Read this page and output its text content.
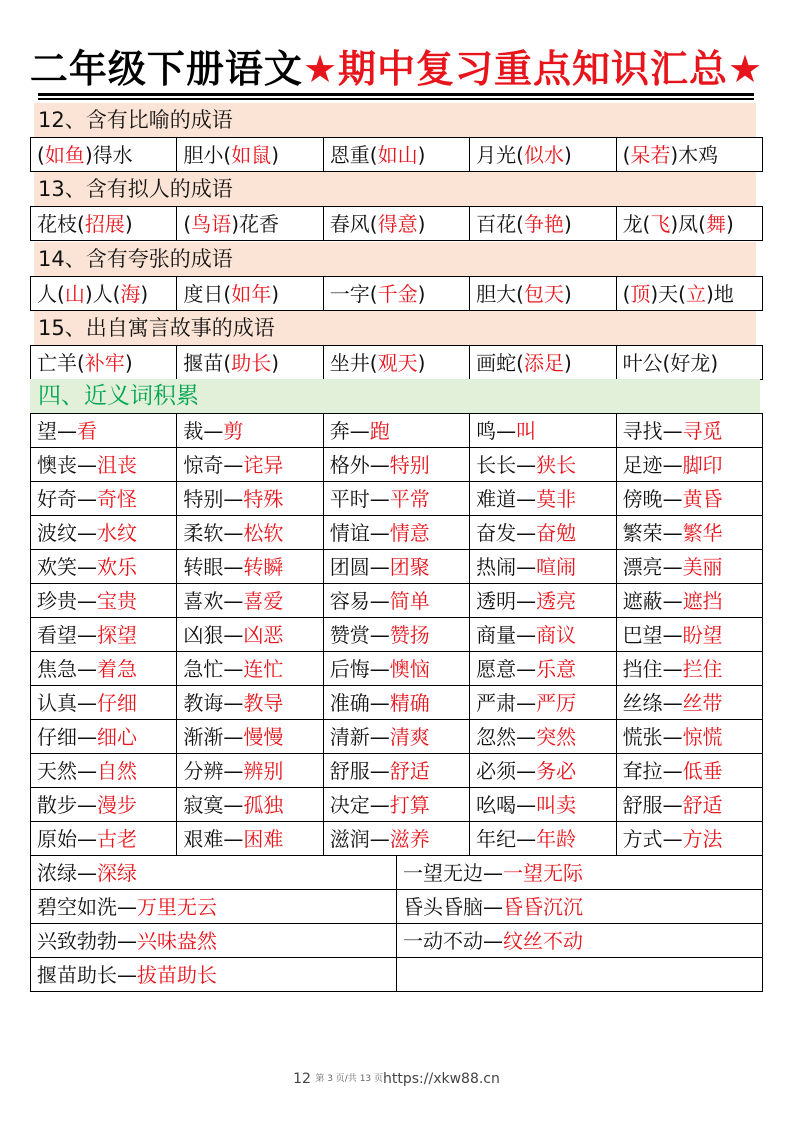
二年级下册语文★期中复习重点知识汇总★
12、含有比喻的成语
(如鱼)得水	胆小(如鼠)	恩重(如山)	月光(似水)	(呆若)木鸡
13、含有拟人的成语
花枝(招展)	(鸟语)花香	春风(得意)	百花(争艳)	龙(飞)凤(舞)
14、含有夸张的成语
人(山)人(海)	度日(如年)	一字(千金)	胆大(包天)	(顶)天(立)地
15、出自寓言故事的成语
亡羊(补牢)	揠苗(助长)	坐井(观天)	画蛇(添足)	叶公(好龙)
四、近义词积累
望—看	裁—剪	奔—跑	鸣—叫	寻找—寻觅
懊丧—沮丧	惊奇—诧异	格外—特别	长长—狭长	足迹—脚印
好奇—奇怪	特别—特殊	平时—平常	难道—莫非	傍晚—黄昏
波纹—水纹	柔软—松软	情谊—情意	奋发—奋勉	繁荣—繁华
欢笑—欢乐	转眼—转瞬	团圆—团聚	热闹—喧闹	漂亮—美丽
珍贵—宝贵	喜欢—喜爱	容易—简单	透明—透亮	遮蔽—遮挡
看望—探望	凶狠—凶恶	赞赏—赞扬	商量—商议	巴望—盼望
焦急—着急	急忙—连忙	后悔—懊恼	愿意—乐意	挡住—拦住
认真—仔细	教诲—教导	准确—精确	严肃—严厉	丝绦—丝带
仔细—细心	渐渐—慢慢	清新—清爽	忽然—突然	慌张—惊慌
天然—自然	分辨—辨别	舒服—舒适	必须—务必	耷拉—低垂
散步—漫步	寂寞—孤独	决定—打算	吆喝—叫卖	舒服—舒适
原始—古老	艰难—困难	滋润—滋养	年纪—年龄	方式—方法
浓绿—深绿	一望无边—一望无际
碧空如洗—万里无云	昏头昏脑—昏昏沉沉
兴致勃勃—兴味盎然	一动不动—纹丝不动
揠苗助长—拔苗助长	
12 $^{第 3 页/共 13 页}$https://xkw88.cn
